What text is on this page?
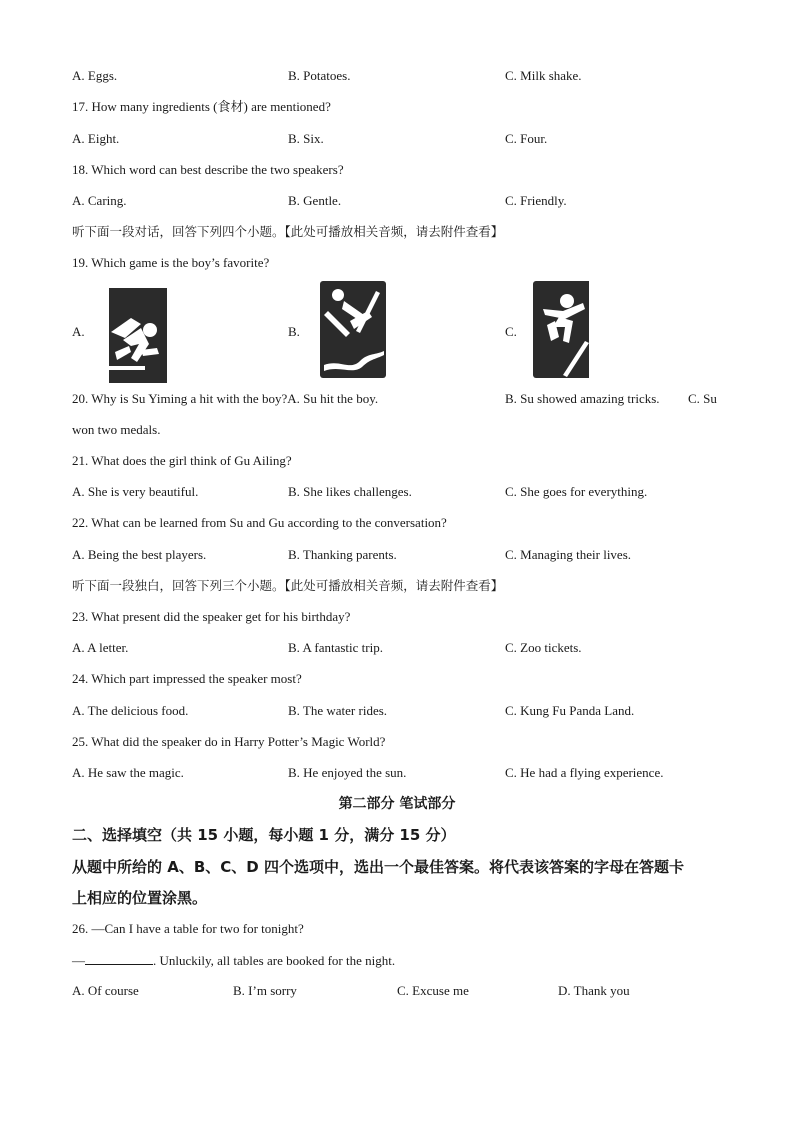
A. Eggs.	B. Potatoes.	C. Milk shake.
17. How many ingredients (食材) are mentioned?
A. Eight.	B. Six.	C. Four.
18. Which word can best describe the two speakers?
A. Caring.	B. Gentle.	C. Friendly.
听下面一段对话，回答下列四个小题。【此处可播放相关音频，请去附件查看】
19. Which game is the boy’s favorite?
A.	B.	C.
20. Why is Su Yiming a hit with the boy?A. Su hit the boy.	B. Su showed amazing tricks. C. Su
won two medals.
21. What does the girl think of Gu Ailing?
A. She is very beautiful.	B. She likes challenges.	C. She goes for everything.
22. What can be learned from Su and Gu according to the conversation?
A. Being the best players.	B. Thanking parents.	C. Managing their lives.
听下面一段独白，回答下列三个小题。【此处可播放相关音频，请去附件查看】
23. What present did the speaker get for his birthday?
A. A letter.	B. A fantastic trip.	C. Zoo tickets.
24. Which part impressed the speaker most?
A. The delicious food.	B. The water rides.	C. Kung Fu Panda Land.
25. What did the speaker do in Harry Potter’s Magic World?
A. He saw the magic.	B. He enjoyed the sun.	C. He had a flying experience.
第二部分 笔试部分
二、选择填空（共 15 小题，每小题 1 分，满分 15 分）
从题中所给的 A、B、C、D 四个选项中，选出一个最佳答案。将代表该答案的字母在答题卡
上相应的位置涂黑。
26. —Can I have a table for two for tonight?
—	. Unluckily, all tables are booked for the night.
A. Of course	B. I’m sorry	C. Excuse me	D. Thank you
